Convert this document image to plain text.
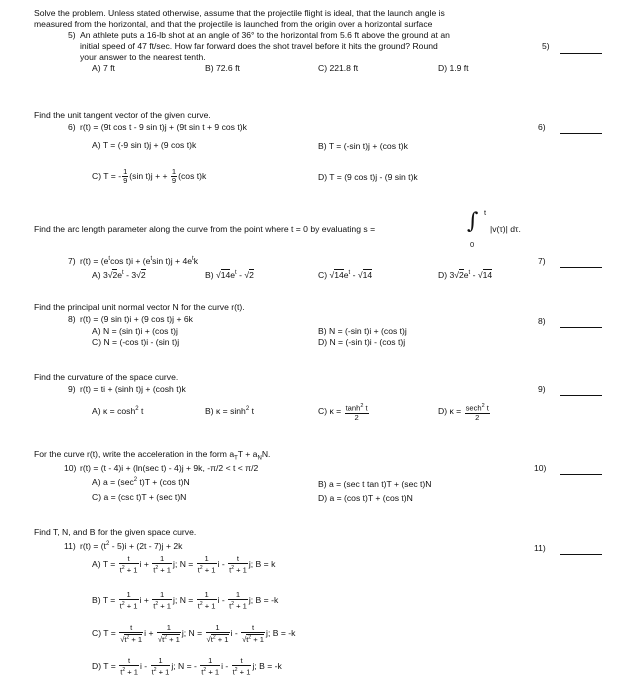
Solve the problem. Unless stated otherwise, assume that the projectile flight is ideal, that the launch angle is
measured from the horizontal, and that the projectile is launched from the origin over a horizontal surface
5) An athlete puts a 16-lb shot at an angle of 36° to the horizontal from 5.6 ft above the ground at an
initial speed of 47 ft/sec. How far forward does the shot travel before it hits the ground? Round
your answer to the nearest tenth.
A) 7 ft	B) 72.6 ft	C) 221.8 ft	D) 1.9 ft
5)
Find the unit tangent vector of the given curve.
6) r(t) = (9t cos t - 9 sin t)j + (9t sin t + 9 cos t)k
A) T = (-9 sin t)j + (9 cos t)k	B) T = (-sin t)j + (cos t)k
C) T = - $\frac{1}{9} (\sin$ t)j + + $\frac{1}{9} (\cos$ t)k	D) T = (9 cos t)j - (9 sin t)k
6)
Find the arc length parameter along the curve from the point where t = 0 by evaluating s =	∫ t
0
|v(τ)| dτ.
7) $r(t) = (e^t\cos$ $t)i + (e^t\sin$ $t)j + 4e^tk$
A) 3√ $2e^t - 3√$ 2	B) √ $14e^t$ - √ 2	C) √ $14e^t$ - √ 14	D) 3√ $2e^t$ - √ 14
7)
Find the principal unit normal vector N for the curve r(t).
8) r(t) = (9 sin t)i + (9 cos t)j + 6k
A) N = (sin t)i + (cos t)j	B) N = (-sin t)i + (cos t)j
C) N = (-cos t)i - (sin t)j	D) N = (-sin t)i - (cos t)j
8)
Find the curvature of the space curve.
9) r(t) = ti + (sinh t)j + (cosh t)k
A) $\kappa = \cosh^2 t$	B) $\kappa = \sinh^2 t$	C) $\kappa = \frac{\tanh^2 t}{2}$	D) $\kappa = \frac{\sec h^2 t}{2}$
9)
For the curve r(t), write the acceleration in the form $a_TT + a_NN$.
10) r(t) = (t - 4)i + (ln(sec t) - 4)j + 9k, -π/2 < t < π/2
A) $a = (\sec^2$ t)T + (cos t)N	B) a = (sec t tan t)T + (sec t)N
C) a = (csc t)T + (sec t)N	D) a = (cos t)T + (cos t)N
10)
Find T, N, and B for the given space curve.
11) $r(t) = (t^2 - 5)i + (2t - 7)j + 2k$	11)
A) $T = \frac{t}{t^2 + 1}$ $i + \frac{1}{t^2 + 1} j$; $N = \frac{1}{t^2 + 1}$ i - $\frac{t}{t^2 + 1} j$; B = k
B) $T = \frac{1}{t^2 + 1}$ $i + \frac{1}{t^2 + 1} j$; $N = \frac{1}{t^2 + 1}$ i - $\frac{1}{t^2 + 1} j$; B = -k
C) T = t
√ $t^2 + 1$ i + 1
√ $t^2 + 1$ j; N = 1
√ $t^2 + 1$ i - t
√ $t^2 + 1$ j; B = -k
D) $T = \frac{t}{t^2 + 1}$ i - $\frac{1}{t^2 + 1} j$; N = - $\frac{1}{t^2 + 1}$ i - $\frac{t}{t^2 + 1} j$; B = -k
